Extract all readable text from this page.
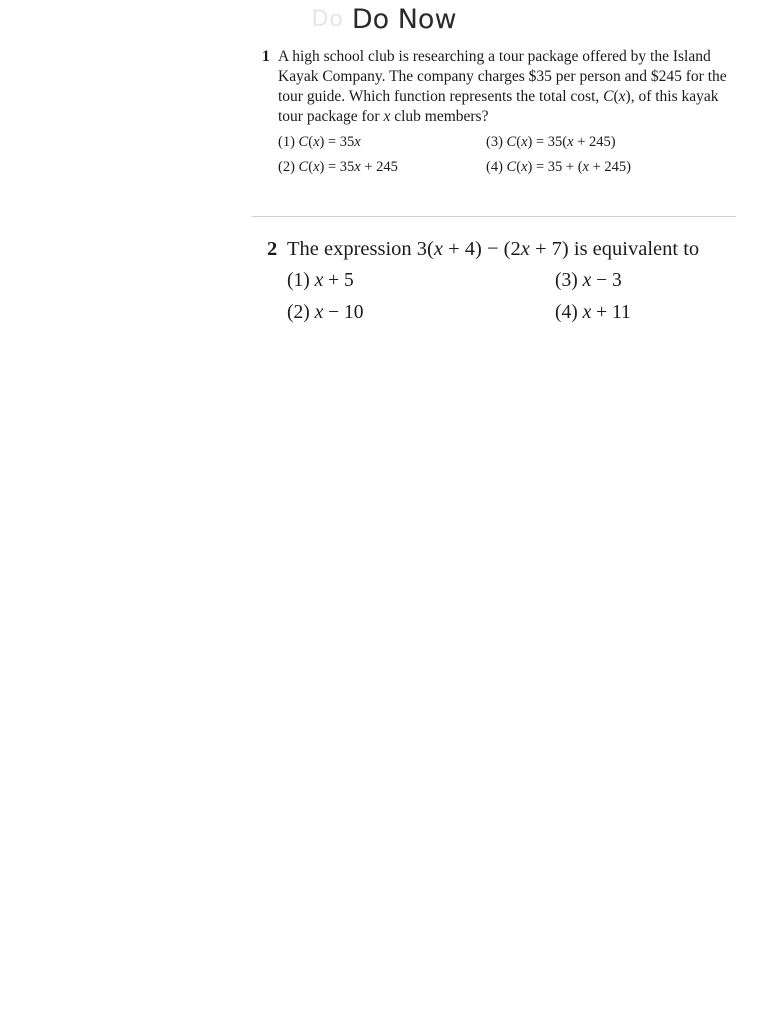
Do Do Now
1 A high school club is researching a tour package offered by the Island Kayak Company. The company charges $35 per person and $245 for the tour guide. Which function represents the total cost, C(x), of this kayak tour package for x club members?
(1) C(x) = 35x	(3) C(x) = 35(x + 245)
(2) C(x) = 35x + 245	(4) C(x) = 35 + (x + 245)
2 The expression 3(x + 4) − (2x + 7) is equivalent to
(1) x + 5	(3) x − 3
(2) x − 10	(4) x + 11
